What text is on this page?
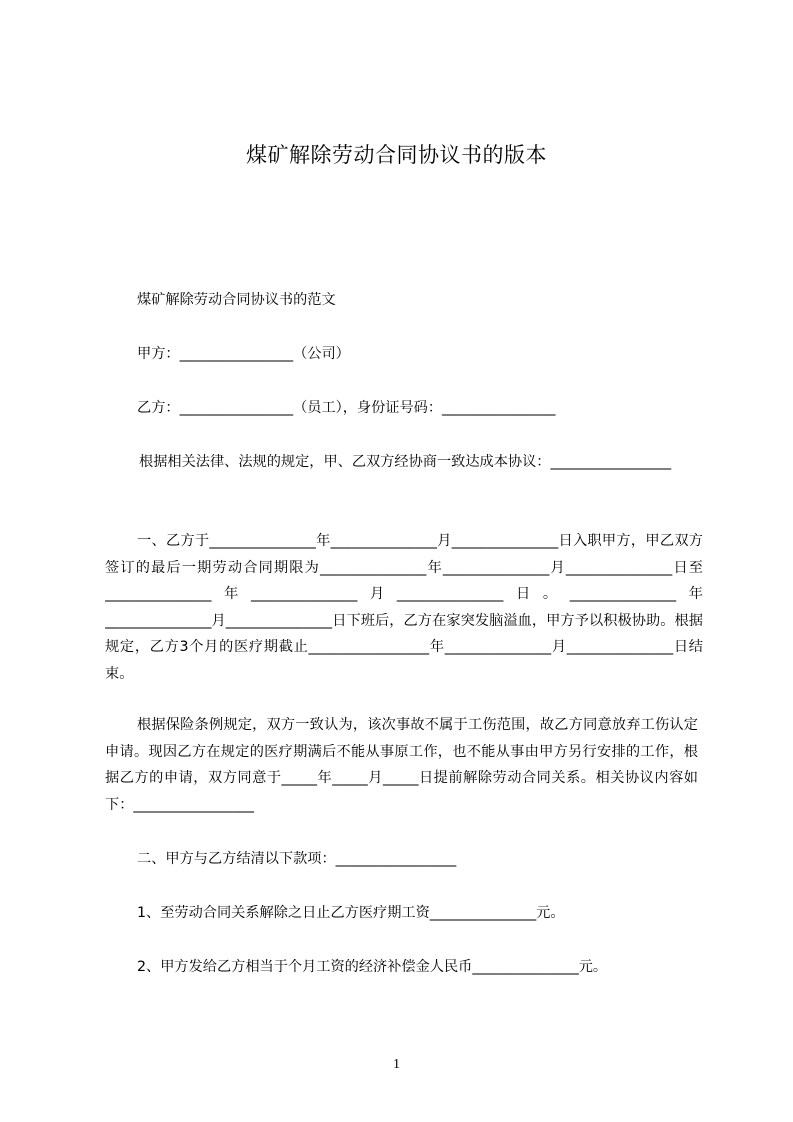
煤矿解除劳动合同协议书的版本
煤矿解除劳动合同协议书的范文
甲方：________________（公司）
乙方：________________（员工），身份证号码：________________
根据相关法律、法规的规定，甲、乙双方经协商一致达成本协议：_________________
一、乙方于_______________年_______________月_______________日入职甲方，甲乙双方签订的最后一期劳动合同期限为_______________年_______________月_______________日至_______________年_______________月_______________日。_______________年_______________月_______________日下班后，乙方在家突发脑溢血，甲方予以积极协助。根据规定，乙方3个月的医疗期截止_________________年_______________月_______________日结束。
根据保险条例规定，双方一致认为，该次事故不属于工伤范围，故乙方同意放弃工伤认定申请。现因乙方在规定的医疗期满后不能从事原工作，也不能从事由甲方另行安排的工作，根据乙方的申请，双方同意于_____年_____月_____日提前解除劳动合同关系。相关协议内容如下：_________________
二、甲方与乙方结清以下款项：_________________
1、至劳动合同关系解除之日止乙方医疗期工资_______________元。
2、甲方发给乙方相当于个月工资的经济补偿金人民币_______________元。
1
